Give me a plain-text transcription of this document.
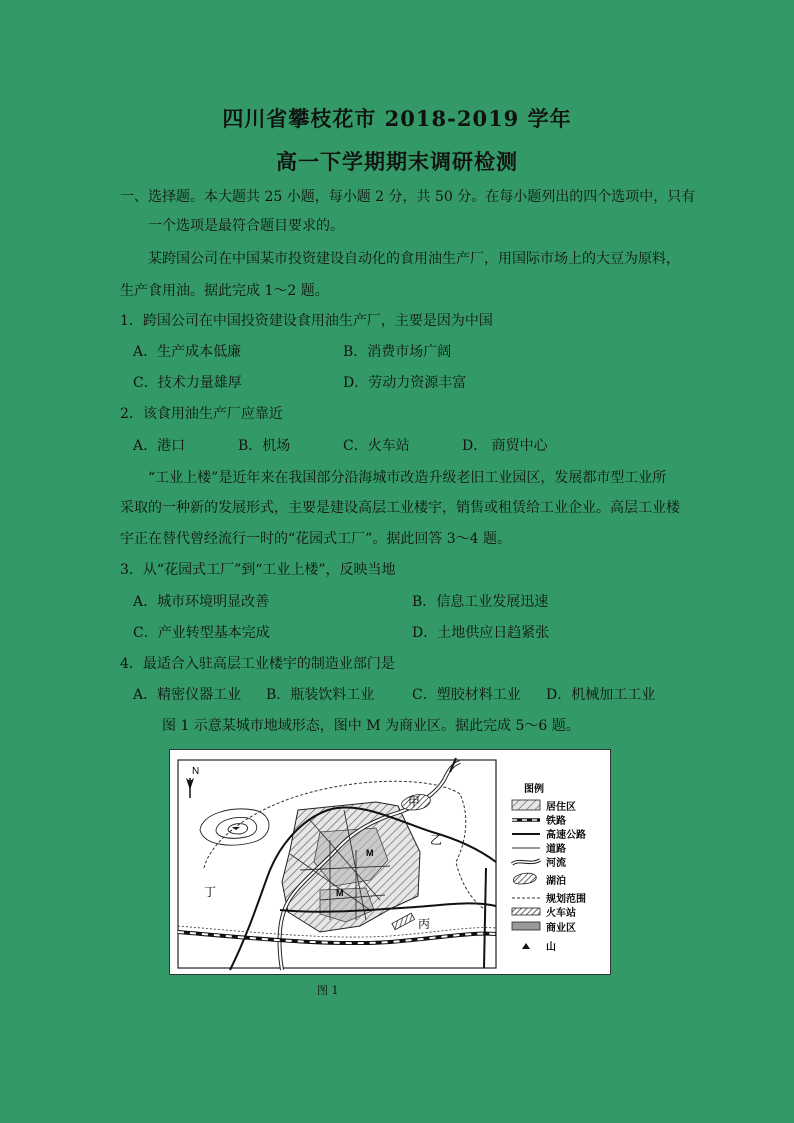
四川省攀枝花市 2018-2019 学年
高一下学期期末调研检测
一、选择题。本大题共 25 小题，每小题 2 分，共 50 分。在每小题列出的四个选项中，只有
一个选项是最符合题目要求的。
某跨国公司在中国某市投资建设自动化的食用油生产厂，用国际市场上的大豆为原料，
生产食用油。据此完成 1～2 题。
1．跨国公司在中国投资建设食用油生产厂，主要是因为中国
A．生产成本低廉	B．消费市场广阔
C．技术力量雄厚	D．劳动力资源丰富
2．该食用油生产厂应靠近
A．港口	B．机场	C．火车站	D． 商贸中心
“工业上楼”是近年来在我国部分沿海城市改造升级老旧工业园区，发展都市型工业所
采取的一种新的发展形式，主要是建设高层工业楼宇，销售或租赁给工业企业。高层工业楼
宇正在替代曾经流行一时的“花园式工厂”。据此回答 3～4 题。
3．从“花园式工厂”到“工业上楼”，反映当地
A．城市环境明显改善	B．信息工业发展迅速
C．产业转型基本完成	D．土地供应日趋紧张
4．最适合入驻高层工业楼宇的制造业部门是
A．精密仪器工业 B．瓶装饮料工业	C．塑胶材料工业 D．机械加工工业
图 1 示意某城市地域形态，图中 M 为商业区。据此完成 5～6 题。
N
甲
乙
丙
丁
M
M
图例
居住区
铁路
高速公路
道路
河流
湖泊
规划范围
火车站
商业区
山
图 1
